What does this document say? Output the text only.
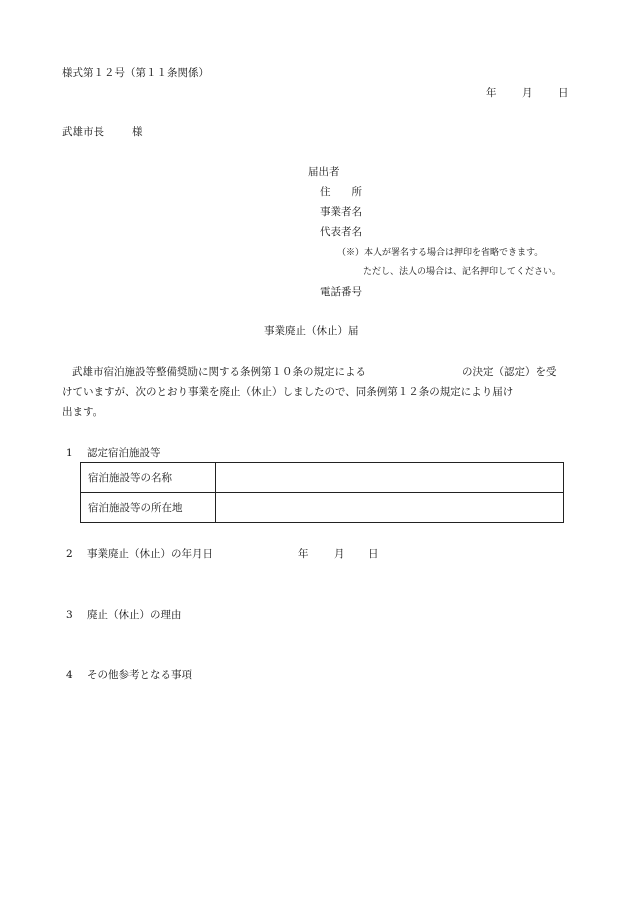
様式第１２号（第１１条関係）
年 月 日
武雄市長	様
届出者
住　　所
事業者名
代表者名
（※）本人が署名する場合は押印を省略できます。
ただし、法人の場合は、記名押印してください。
電話番号
事業廃止（休止）届
武雄市宿泊施設等整備奨励に関する条例第１０条の規定による	の決定（認定）を受
けていますが、次のとおり事業を廃止（休止）しましたので、同条例第１２条の規定により届け
出ます。
1 認定宿泊施設等
宿泊施設等の名称	
宿泊施設等の所在地	
2 事業廃止（休止）の年月日	年 月 日
3 廃止（休止）の理由
4 その他参考となる事項
